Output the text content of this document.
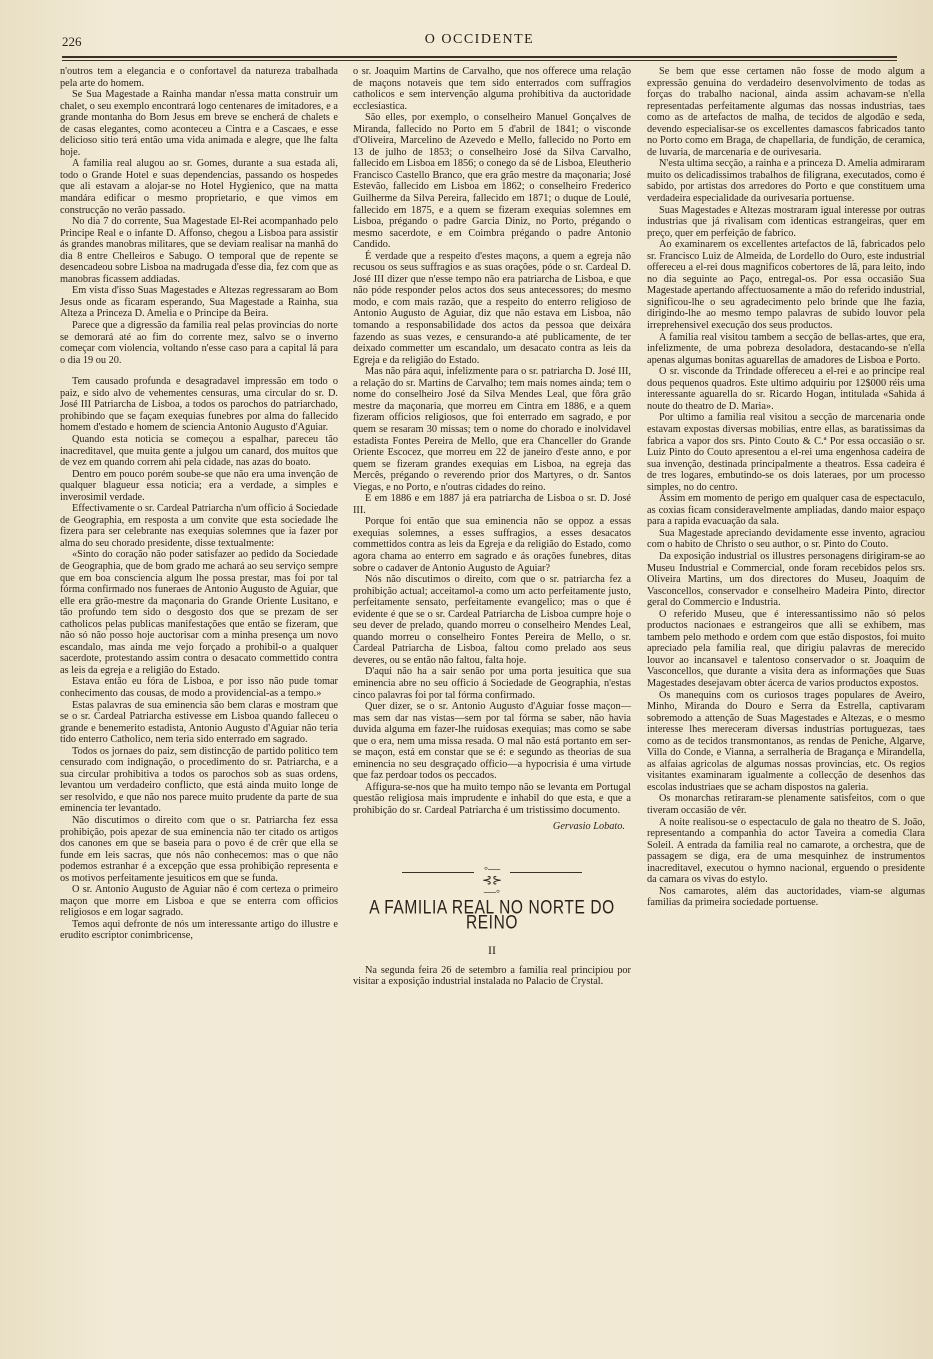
226	O OCCIDENTE

n'outros tem a elegancia e o confortavel da natureza trabalhada pela arte do homem.

Se Sua Magestade a Rainha mandar n'essa matta construir um chalet, o seu exemplo encontrará logo centenares de imitadores, e a grande montanha do Bom Jesus em breve se encherá de chalets e de casas elegantes, como aconteceu a Cintra e a Cascaes, e esse delicioso sitio terá então uma vida animada e alegre, que lhe falta hoje.

A familia real alugou ao sr. Gomes, durante a sua estada ali, todo o Grande Hotel e suas dependencias, passando os hospedes que ali estavam a alojar-se no Hotel Hygienico, que na matta mandára edificar o mesmo proprietario, e que vimos em construcção no verão passado.

No dia 7 do corrente, Sua Magestade El-Rei acompanhado pelo Principe Real e o infante D. Affonso, chegou a Lisboa para assistir ás grandes manobras militares, que se deviam realisar na manhã do dia 8 entre Chelleiros e Sabugo. O temporal que de repente se desencadeou sobre Lisboa na madrugada d'esse dia, fez com que as manobras ficassem addiadas.

Em vista d'isso Suas Magestades e Altezas regressaram ao Bom Jesus onde as ficaram esperando, Sua Magestade a Rainha, sua Alteza a Princeza D. Amelia e o Principe da Beira.

Parece que a digressão da familia real pelas provincias do norte se demorará até ao fim do corrente mez, salvo se o inverno começar com violencia, voltando n'esse caso para a capital lá para o dia 19 ou 20.

Tem causado profunda e desagradavel impressão em todo o paiz, e sido alvo de vehementes censuras, uma circular do sr. D. José III Patriarcha de Lisboa, a todos os parochos do patriarchado, prohibindo que se façam exequias funebres por alma do fallecido homem d'estado e homem de sciencia Antonio Augusto d'Aguiar.

Quando esta noticia se começou a espalhar, pareceu tão inacreditavel, que muita gente a julgou um canard, dos muitos que de vez em quando correm ahi pela cidade, nas azas do boato.

Dentro em pouco porém soube-se que não era uma invenção de qualquer blagueur essa noticia; era a verdade, a simples e inverosimil verdade.

Effectivamente o sr. Cardeal Patriarcha n'um officio á Sociedade de Geographia, em resposta a um convite que esta sociedade lhe fizera para ser celebrante nas exequias solemnes que ia fazer por alma do seu chorado presidente, disse textualmente:

«Sinto do coração não poder satisfazer ao pedido da Sociedade de Geographia, que de bom grado me achará ao seu serviço sempre que em boa consciencia algum lhe possa prestar, mas foi por tal fórma confirmado nos funeraes de Antonio Augusto de Aguiar, que elle era grão-mestre da maçonaria do Grande Oriente Lusitano, e tão profundo tem sido o desgosto dos que se prezam de ser catholicos pelas publicas manifestações que então se fizeram, que não só não posso hoje auctorisar com a minha presença um novo escandalo, mas ainda me vejo forçado a prohibil-o a qualquer sacerdote, protestando assim contra o desacato commettido contra as leis da egreja e a religião do Estado.

Estava então eu fóra de Lisboa, e por isso não pude tomar conhecimento das cousas, de modo a providencial-as a tempo.»

Estas palavras de sua eminencia são bem claras e mostram que se o sr. Cardeal Patriarcha estivesse em Lisboa quando falleceu o grande e benemerito estadista, Antonio Augusto d'Aguiar não teria tido enterro Catholico, nem teria sido enterrado em sagrado.

Todos os jornaes do paiz, sem distincção de partido politico tem censurado com indignação, o procedimento do sr. Patriarcha, e a sua circular prohibitiva a todos os parochos sob as suas ordens, levantou um verdadeiro conflicto, que está ainda muito longe de ser resolvido, e que não nos parece muito prudente da parte de sua eminencia ter levantado.

Não discutimos o direito com que o sr. Patriarcha fez essa prohibição, pois apezar de sua eminencia não ter citado os artigos dos canones em que se baseia para o povo é de crêr que ella se funde em leis sacras, que nós não conhecemos: mas o que não podemos estranhar é a excepção que essa prohibição representa e os motivos perfeitamente jesuiticos em que se funda.

O sr. Antonio Augusto de Aguiar não é com certeza o primeiro maçon que morre em Lisboa e que se enterra com officios religiosos e em logar sagrado.

Temos aqui defronte de nós um interessante artigo do illustre e erudito escriptor conimbricense,

o sr. Joaquim Martins de Carvalho, que nos offerece uma relação de maçons notaveis que tem sido enterrados com suffragios catholicos e sem intervenção alguma prohibitiva da auctoridade ecclesiastica.

São elles, por exemplo, o conselheiro Manuel Gonçalves de Miranda, fallecido no Porto em 5 d'abril de 1841; o visconde d'Oliveira, Marcelino de Azevedo e Mello, fallecido no Porto em 13 de julho de 1853; o conselheiro José da Silva Carvalho, fallecido em Lisboa em 1856; o conego da sé de Lisboa, Eleutherio Francisco Castello Branco, que era grão mestre da maçonaria; José Estevão, fallecido em Lisboa em 1862; o conselheiro Frederico Guilherme da Silva Pereira, fallecido em 1871; o duque de Loulé, fallecido em 1875, e a quem se fizeram exequias solemnes em Lisboa, prégando o padre Garcia Diniz, no Porto, prégando o mesmo sacerdote, e em Coimbra prégando o padre Antonio Candido.

É verdade que a respeito d'estes maçons, a quem a egreja não recusou os seus suffragios e as suas orações, póde o sr. Cardeal D. José III dizer que n'esse tempo não era patriarcha de Lisboa, e que não póde responder pelos actos dos seus antecessores; do mesmo modo, e com mais razão, que a respeito do enterro religioso de Antonio Augusto de Aguiar, diz que não estava em Lisboa, não tomando a responsabilidade dos actos da pessoa que deixára fazendo as suas vezes, e censurando-a até publicamente, de ter deixado commetter um escandalo, um desacato contra as leis da Egreja e da religião do Estado.

Mas não pára aqui, infelizmente para o sr. patriarcha D. José III, a relação do sr. Martins de Carvalho; tem mais nomes ainda; tem o nome do conselheiro José da Silva Mendes Leal, que fôra grão mestre da maçonaria, que morreu em Cintra em 1886, e a quem fizeram officios religiosos, que foi enterrado em sagrado, e por quem se resaram 30 missas; tem o nome do chorado e inolvidavel estadista Fontes Pereira de Mello, que era Chanceller do Grande Oriente Escocez, que morreu em 22 de janeiro d'este anno, e por quem se fizeram grandes exequias em Lisboa, na egreja das Mercês, prégando o reverendo prior dos Martyres, o dr. Santos Viegas, e no Porto, e n'outras cidades do reino.

E em 1886 e em 1887 já era patriarcha de Lisboa o sr. D. José III.

Porque foi então que sua eminencia não se oppoz a essas exequias solemnes, a esses suffragios, a esses desacatos commettidos contra as leis da Egreja e da religião do Estado, como agora chama ao enterro em sagrado e ás orações funebres, ditas sobre o cadaver de Antonio Augusto de Aguiar?

Nós não discutimos o direito, com que o sr. patriarcha fez a prohibição actual; acceitamol-a como um acto perfeitamente justo, perfeitamente sensato, perfeitamente evangelico; mas o que é evidente é que se o sr. Cardeal Patriarcha de Lisboa cumpre hoje o seu dever de prelado, quando morreu o conselheiro Mendes Leal, quando morreu o conselheiro Fontes Pereira de Mello, o sr. Cardeal Patriarcha de Lisboa, faltou como prelado aos seus deveres, ou se então não faltou, falta hoje.

D'aqui não ha a sair senão por uma porta jesuitica que sua eminencia abre no seu officio á Sociedade de Geographia, n'estas cinco palavras foi por tal fórma confirmado.

Quer dizer, se o sr. Antonio Augusto d'Aguiar fosse maçon—mas sem dar nas vistas—sem por tal fórma se saber, não havia duvida alguma em fazer-lhe ruidosas exequias; mas como se sabe que o era, nem uma missa resada. O mal não está portanto em ser-se maçon, está em constar que se é: e segundo as theorias de sua eminencia no seu desgraçado officio—a hypocrisia é uma virtude que faz perdoar todos os peccados.

Affigura-se-nos que ha muito tempo não se levanta em Portugal questão religiosa mais imprudente e inhabil do que esta, e que a prohibição do sr. Cardeal Patriarcha é um tristissimo documento.

Gervasio Lobato.

◦—⊰⊱—◦
A FAMILIA REAL NO NORTE DO REINO
II

Na segunda feira 26 de setembro a familia real principiou por visitar a exposição industrial instalada no Palacio de Crystal.

Se bem que esse certamen não fosse de modo algum a expressão genuina do verdadeiro desenvolvimento de todas as forças do trabalho nacional, ainda assim achavam-se n'ella representadas perfeitamente algumas das nossas industrias, taes como as de artefactos de malha, de tecidos de algodão e seda, devendo especialisar-se os excellentes damascos fabricados tanto no Porto como em Braga, de chapellaria, de fundição, de ceramica, de luvaria, de marcenaria e de ourivesaria.

N'esta ultima secção, a rainha e a princeza D. Amelia admiraram muito os delicadissimos trabalhos de filigrana, executados, como é sabido, por artistas dos arredores do Porto e que constituem uma verdadeira especialidade da ourivesaria portuense.

Suas Magestades e Altezas mostraram igual interesse por outras industrias que já rivalisam com identicas estrangeiras, quer em preço, quer em perfeição de fabrico.

Ao examinarem os excellentes artefactos de lã, fabricados pelo sr. Francisco Luiz de Almeida, de Lordello do Ouro, este industrial offereceu a el-rei dous magnificos cobertores de lã, para leito, indo no dia seguinte ao Paço, entregal-os. Por essa occasião Sua Magestade apertando affectuosamente a mão do referido industrial, significou-lhe o seu agradecimento pelo brinde que lhe fazia, dirigindo-lhe ao mesmo tempo palavras de subido louvor pela irreprehensivel execução dos seus productos.

A familia real visitou tambem a secção de bellas-artes, que era, infelizmente, de uma pobreza desoladora, destacando-se n'ella apenas algumas bonitas aguarellas de amadores de Lisboa e Porto.

O sr. visconde da Trindade offereceu a el-rei e ao principe real dous pequenos quadros. Este ultimo adquiriu por 12$000 réis uma interessante aguarella do sr. Ricardo Hogan, intitulada «Sahida á noute do theatro de D. Maria».

Por ultimo a familia real visitou a secção de marcenaria onde estavam expostas diversas mobilias, entre ellas, as baratissimas da fabrica a vapor dos srs. Pinto Couto & C.ª Por essa occasião o sr. Luiz Pinto do Couto apresentou a el-rei uma engenhosa cadeira de sua invenção, destinada principalmente a theatros. Essa cadeira é de tres logares, embutindo-se os dois lateraes, por um processo simples, no do centro.

Assim em momento de perigo em qualquer casa de espectaculo, as coxias ficam consideravelmente ampliadas, dando maior espaço para a rapida evacuação da sala.

Sua Magestade apreciando devidamente esse invento, agraciou com o habito de Christo o seu author, o sr. Pinto do Couto.

Da exposição industrial os illustres personagens dirigiram-se ao Museu Industrial e Commercial, onde foram recebidos pelos srs. Oliveira Martins, um dos directores do Museu, Joaquim de Vasconcellos, conservador e conselheiro Madeira Pinto, director geral do Commercio e Industria.

O referido Museu, que é interessantissimo não só pelos productos nacionaes e estrangeiros que alli se exhibem, mas tambem pelo methodo e ordem com que estão dispostos, foi muito apreciado pela familia real, que dirigiu palavras de merecido louvor ao incansavel e talentoso conservador o sr. Joaquim de Vasconcellos, que durante a visita dera as informações que Suas Magestades desejavam obter ácerca de varios productos expostos.

Os manequins com os curiosos trages populares de Aveiro, Minho, Miranda do Douro e Serra da Estrella, captivaram sobremodo a attenção de Suas Magestades e Altezas, e o mesmo interesse lhes mereceram diversas industrias portuguezas, taes como as de tecidos transmontanos, as rendas de Peniche, Algarve, Villa do Conde, e Vianna, a serralheria de Bragança e Mirandella, as alfaias agricolas de algumas nossas provincias, etc. Os regios visitantes examinaram igualmente a collecção de desenhos das escolas industriaes que se acham dispostos na galeria.

Os monarchas retiraram-se plenamente satisfeitos, com o que tiveram occasião de vêr.

A noite realisou-se o espectaculo de gala no theatro de S. João, representando a companhia do actor Taveira a comedia Clara Soleil. A entrada da familia real no camarote, a orchestra, que de passagem se diga, era de uma mesquinhez de instrumentos inacreditavel, executou o hymno nacional, erguendo o presidente da camara os vivas do estylo.

Nos camarotes, além das auctoridades, viam-se algumas familias da primeira sociedade portuense.
